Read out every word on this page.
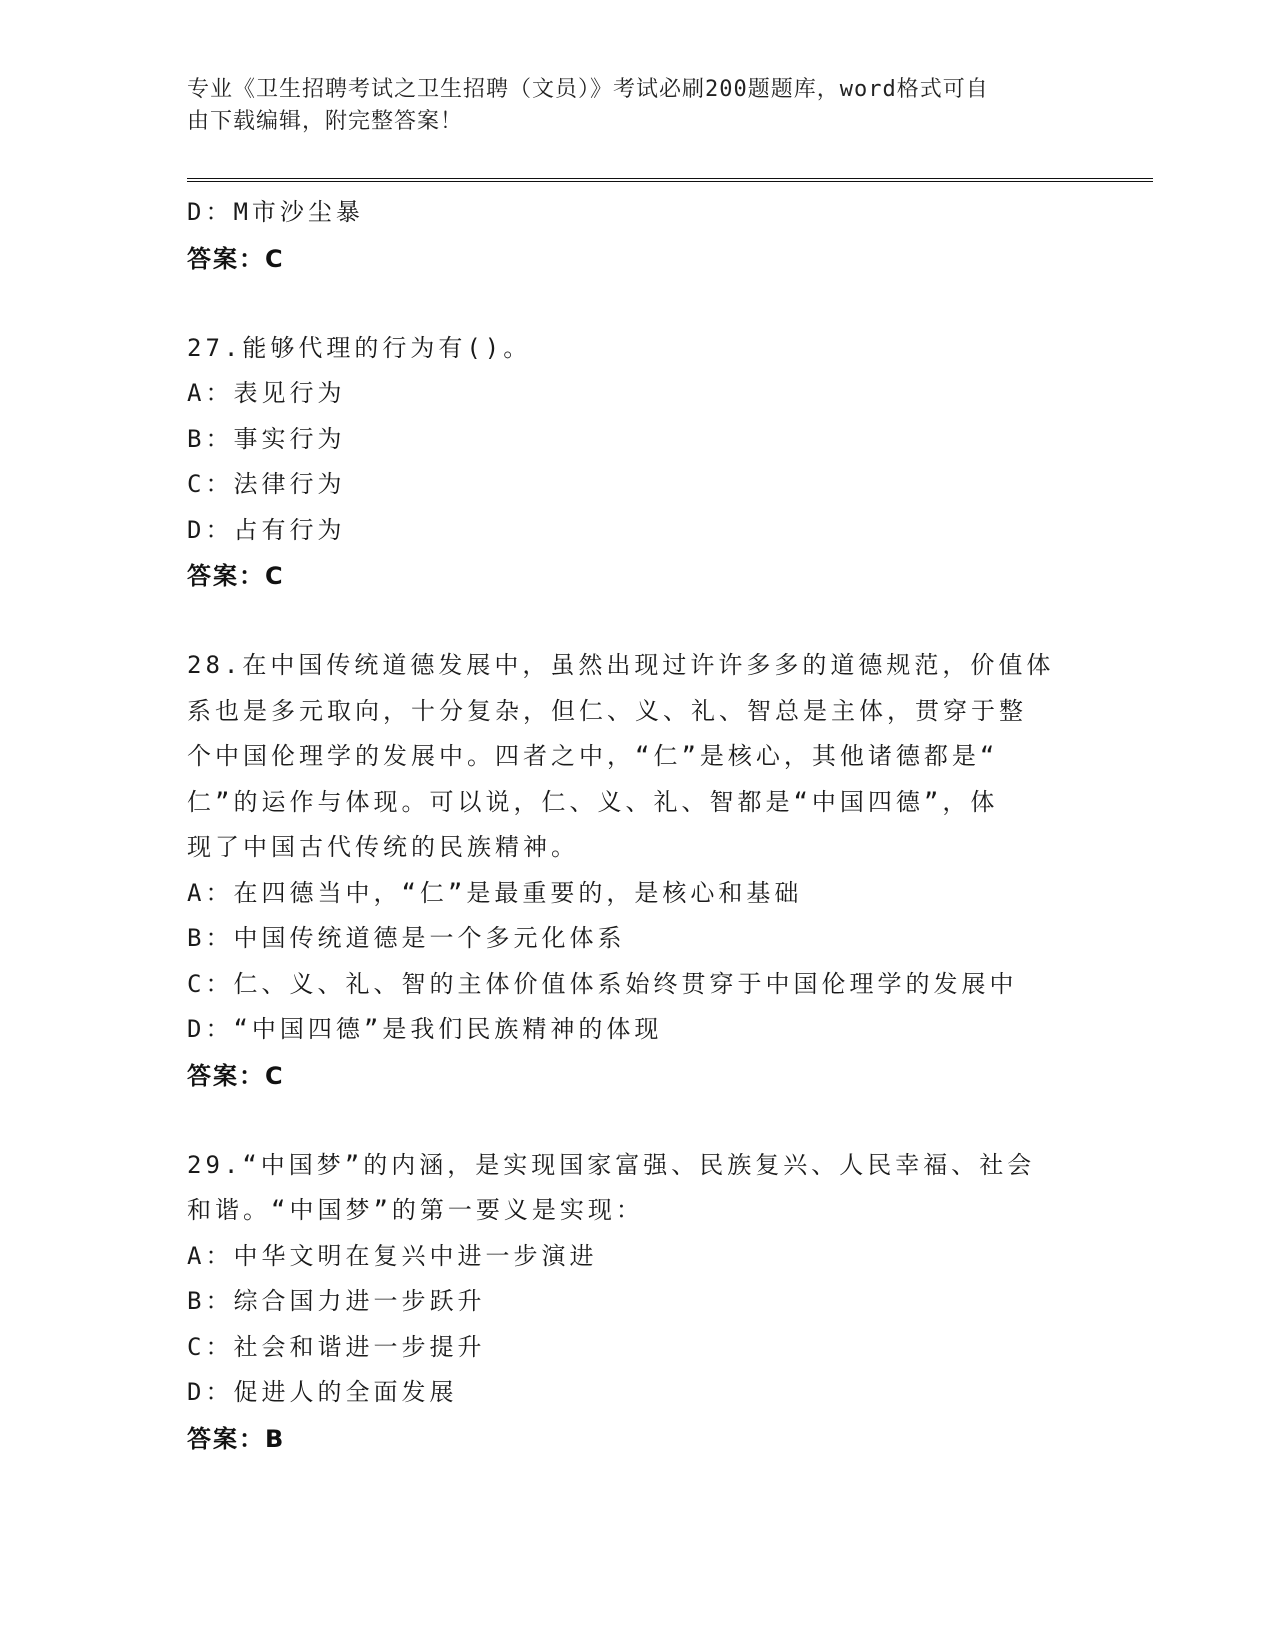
专业《卫生招聘考试之卫生招聘（文员）》考试必刷200题题库，word格式可自
由下载编辑，附完整答案！
D：M市沙尘暴
答案：C
27.能够代理的行为有()。
A：表见行为
B：事实行为
C：法律行为
D：占有行为
答案：C
28.在中国传统道德发展中，虽然出现过许许多多的道德规范，价值体
系也是多元取向，十分复杂，但仁、义、礼、智总是主体，贯穿于整
个中国伦理学的发展中。四者之中，“仁”是核心，其他诸德都是“
仁”的运作与体现。可以说，仁、义、礼、智都是“中国四德”，体
现了中国古代传统的民族精神。
A：在四德当中，“仁”是最重要的，是核心和基础
B：中国传统道德是一个多元化体系
C：仁、义、礼、智的主体价值体系始终贯穿于中国伦理学的发展中
D：“中国四德”是我们民族精神的体现
答案：C
29.“中国梦”的内涵，是实现国家富强、民族复兴、人民幸福、社会
和谐。“中国梦”的第一要义是实现：
A：中华文明在复兴中进一步演进
B：综合国力进一步跃升
C：社会和谐进一步提升
D：促进人的全面发展
答案：B
